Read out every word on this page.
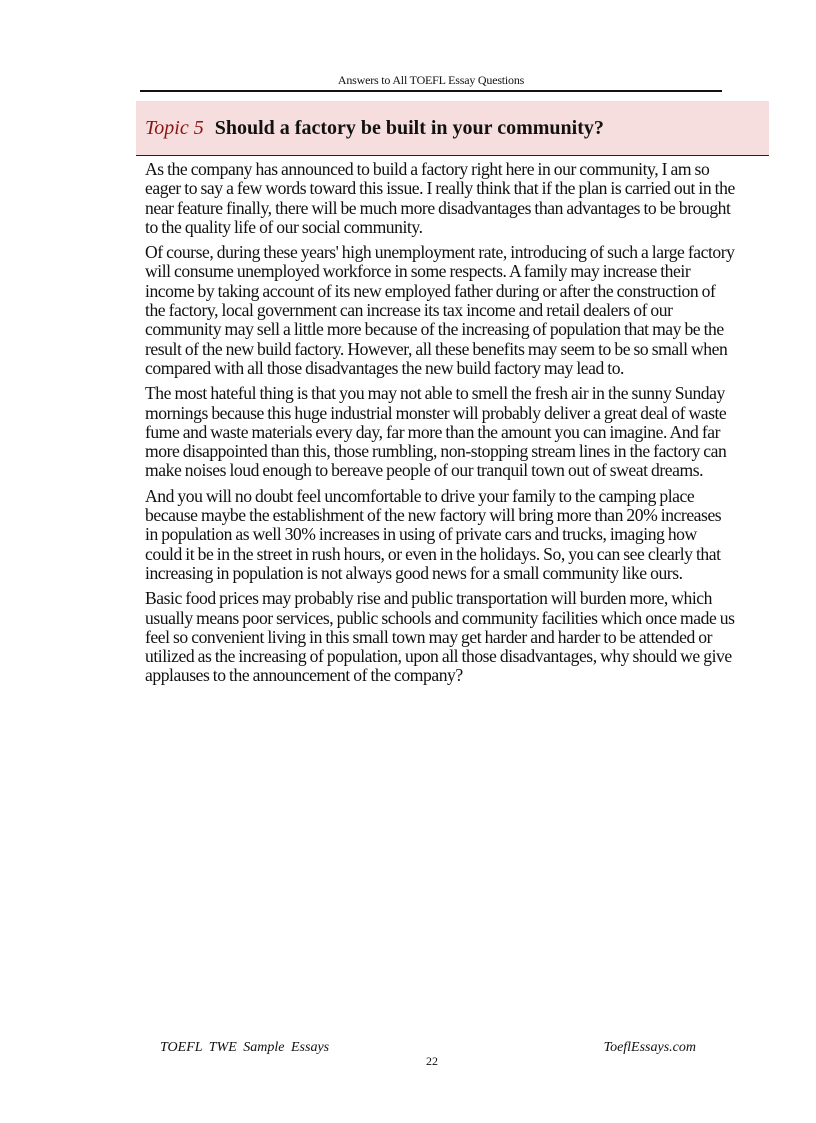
Answers to All TOEFL Essay Questions
Topic 5 Should a factory be built in your community?

As the company has announced to build a factory right here in our community, I am so eager to say a few words toward this issue. I really think that if the plan is carried out in the near feature finally, there will be much more disadvantages than advantages to be brought to the quality life of our social community.

Of course, during these years' high unemployment rate, introducing of such a large factory will consume unemployed workforce in some respects. A family may increase their income by taking account of its new employed father during or after the construction of the factory, local government can increase its tax income and retail dealers of our community may sell a little more because of the increasing of population that may be the result of the new build factory. However, all these benefits may seem to be so small when compared with all those disadvantages the new build factory may lead to.

The most hateful thing is that you may not able to smell the fresh air in the sunny Sunday mornings because this huge industrial monster will probably deliver a great deal of waste fume and waste materials every day, far more than the amount you can imagine. And far more disappointed than this, those rumbling, non-stopping stream lines in the factory can make noises loud enough to bereave people of our tranquil town out of sweat dreams.

And you will no doubt feel uncomfortable to drive your family to the camping place because maybe the establishment of the new factory will bring more than 20% increases in population as well 30% increases in using of private cars and trucks, imaging how could it be in the street in rush hours, or even in the holidays. So, you can see clearly that increasing in population is not always good news for a small community like ours.

Basic food prices may probably rise and public transportation will burden more, which usually means poor services, public schools and community facilities which once made us feel so convenient living in this small town may get harder and harder to be attended or utilized as the increasing of population, upon all those disadvantages, why should we give applauses to the announcement of the company?

TOEFL TWE Sample Essays
22
ToeflEssays.com
